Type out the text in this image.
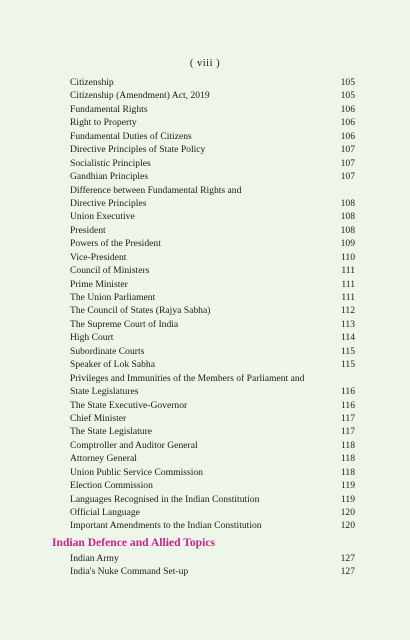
( viii )
Citizenship	105
Citizenship (Amendment) Act, 2019	105
Fundamental Rights	106
Right to Property	106
Fundamental Duties of Citizens	106
Directive Principles of State Policy	107
Socialistic Principles	107
Gandhian Principles	107
Difference between Fundamental Rights and
Directive Principles	108
Union Executive	108
President	108
Powers of the President	109
Vice-President	110
Council of Ministers	111
Prime Minister	111
The Union Parliament	111
The Council of States (Rajya Sabha)	112
The Supreme Court of India	113
High Court	114
Subordinate Courts	115
Speaker of Lok Sabha	115
Privileges and Immunities of the Members of Parliament and
State Legislatures	116
The State Executive-Governor	116
Chief Minister	117
The State Legislature	117
Comptroller and Auditor General	118
Attorney General	118
Union Public Service Commission	118
Election Commission	119
Languages Recognised in the Indian Constitution	119
Official Language	120
Important Amendments to the Indian Constitution	120
Indian Defence and Allied Topics
Indian Army	127
India's Nuke Command Set-up	127
